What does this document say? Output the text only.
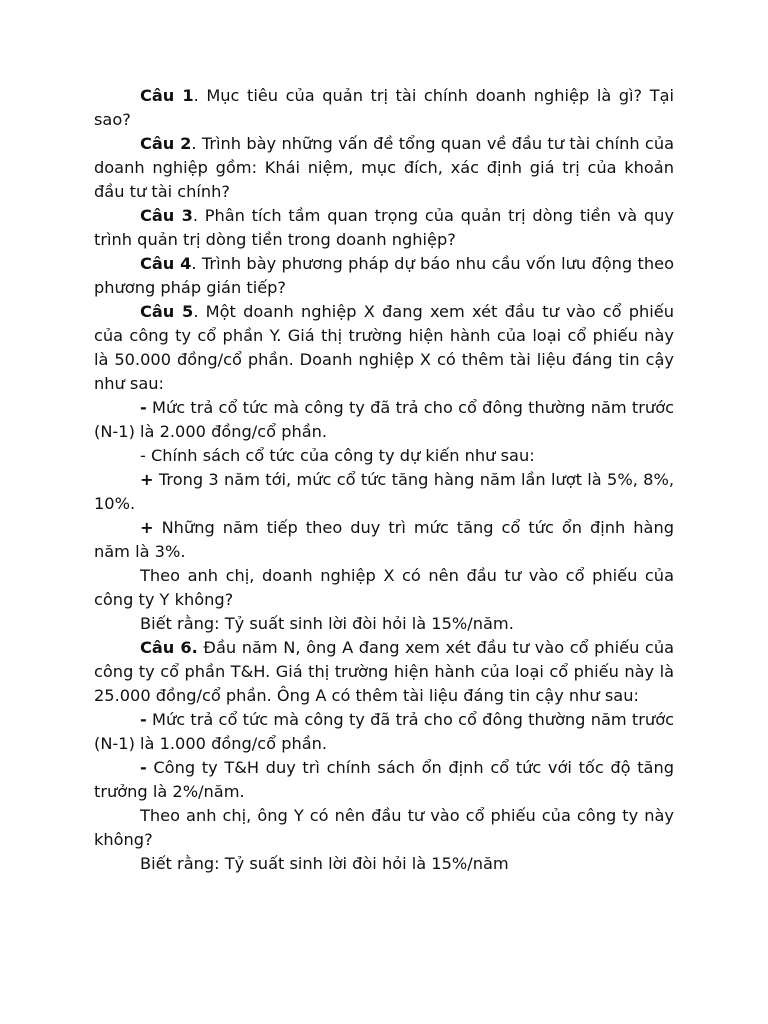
Câu 1. Mục tiêu của quản trị tài chính doanh nghiệp là gì? Tại sao?

Câu 2. Trình bày những vấn đề tổng quan về đầu tư tài chính của doanh nghiệp gồm: Khái niệm, mục đích, xác định giá trị của khoản đầu tư tài chính?

Câu 3. Phân tích tầm quan trọng của quản trị dòng tiền và quy trình quản trị dòng tiền trong doanh nghiệp?

Câu 4. Trình bày phương pháp dự báo nhu cầu vốn lưu động theo phương pháp gián tiếp?

Câu 5. Một doanh nghiệp X đang xem xét đầu tư vào cổ phiếu của công ty cổ phần Y. Giá thị trường hiện hành của loại cổ phiếu này là 50.000 đồng/cổ phần. Doanh nghiệp X có thêm tài liệu đáng tin cậy như sau:

- Mức trả cổ tức mà công ty đã trả cho cổ đông thường năm trước (N-1) là 2.000 đồng/cổ phần.

- Chính sách cổ tức của công ty dự kiến như sau:

+ Trong 3 năm tới, mức cổ tức tăng hàng năm lần lượt là 5%, 8%, 10%.

+ Những năm tiếp theo duy trì mức tăng cổ tức ổn định hàng năm là 3%.

Theo anh chị, doanh nghiệp X có nên đầu tư vào cổ phiếu của công ty Y không?

Biết rằng: Tỷ suất sinh lời đòi hỏi là 15%/năm.

Câu 6. Đầu năm N, ông A đang xem xét đầu tư vào cổ phiếu của công ty cổ phần T&H. Giá thị trường hiện hành của loại cổ phiếu này là 25.000 đồng/cổ phần. Ông A có thêm tài liệu đáng tin cậy như sau:

- Mức trả cổ tức mà công ty đã trả cho cổ đông thường năm trước (N-1) là 1.000 đồng/cổ phần.

- Công ty T&H duy trì chính sách ổn định cổ tức với tốc độ tăng trưởng là 2%/năm.

Theo anh chị, ông Y có nên đầu tư vào cổ phiếu của công ty này không?

Biết rằng: Tỷ suất sinh lời đòi hỏi là 15%/năm
